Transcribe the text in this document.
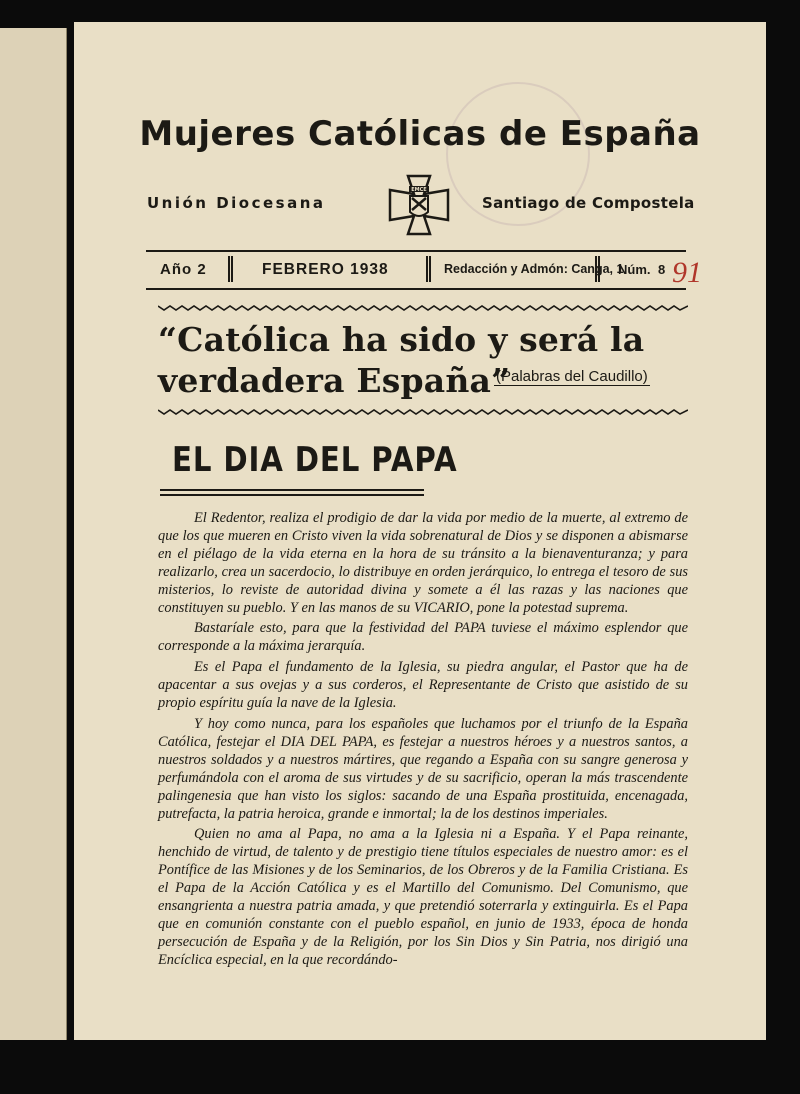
Mujeres Católicas de España
Unión Diocesana
EMCE
Santiago de Compostela
Año 2	FEBRERO 1938	Redacción y Admón: Canga, 1
Núm. 8 91
“Católica ha sido y será la
verdadera España”
(Palabras del Caudillo)
EL DIA DEL PAPA

El Redentor, realiza el prodigio de dar la vida por medio de la muerte, al extremo de que los que mueren en Cristo viven la vida sobrenatural de Dios y se disponen a abismarse en el piélago de la vida eterna en la hora de su tránsito a la bienaventuranza; y para realizarlo, crea un sacerdocio, lo distribuye en orden jerárquico, lo entrega el tesoro de sus misterios, lo reviste de autoridad divina y somete a él las razas y las naciones que constituyen su pueblo. Y en las manos de su VICARIO, pone la potestad suprema.

Bastaríale esto, para que la festividad del PAPA tuviese el máximo esplendor que corresponde a la máxima jerarquía.

Es el Papa el fundamento de la Iglesia, su piedra angular, el Pastor que ha de apacentar a sus ovejas y a sus corderos, el Representante de Cristo que asistido de su propio espíritu guía la nave de la Iglesia.

Y hoy como nunca, para los españoles que luchamos por el triunfo de la España Católica, festejar el DIA DEL PAPA, es festejar a nuestros héroes y a nuestros santos, a nuestros soldados y a nuestros mártires, que regando a España con su sangre generosa y perfumándola con el aroma de sus virtudes y de su sacrificio, operan la más trascendente palingenesia que han visto los siglos: sacando de una España prostituida, encenagada, putrefacta, la patria heroica, grande e inmortal; la de los destinos imperiales.

Quien no ama al Papa, no ama a la Iglesia ni a España. Y el Papa reinante, henchido de virtud, de talento y de prestigio tiene títulos especiales de nuestro amor: es el Pontífice de las Misiones y de los Seminarios, de los Obreros y de la Familia Cristiana. Es el Papa de la Acción Católica y es el Martillo del Comunismo. Del Comunismo, que ensangrienta a nuestra patria amada, y que pretendió soterrarla y extinguirla. Es el Papa que en comunión constante con el pueblo español, en junio de 1933, época de honda persecución de España y de la Religión, por los Sin Dios y Sin Patria, nos dirigió una Encíclica especial, en la que recordándo-
